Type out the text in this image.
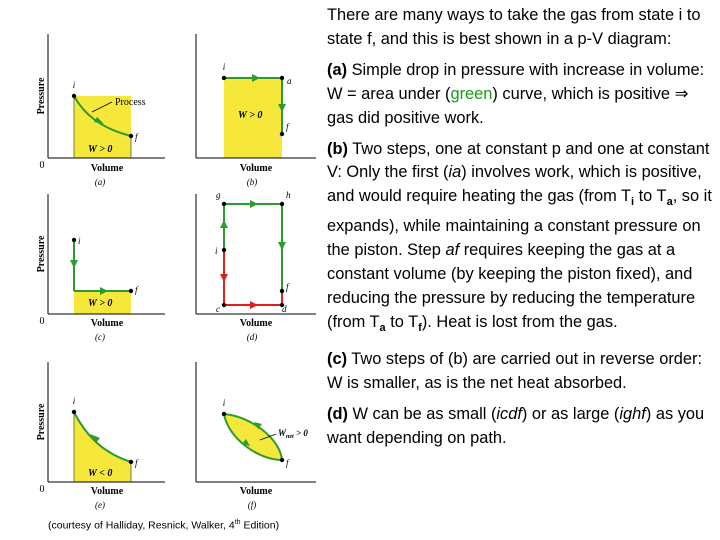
Process
i
f
W > 0
Pressure
Volume
0
(a)
i
a
f
W > 0
Volume
(b)
i
f
W > 0
Pressure
Volume
0
(c)
g	h
i
f
c	d
Volume
(d)
i
f
W < 0
Pressure
Volume
0
(e)
i
f
$W_{net} > 0$
Volume
(f)
(courtesy of Halliday, Resnick, Walker, 4th Edition)

There are many ways to take the gas from state i to state f, and this is best shown in a p-V diagram:

(a) Simple drop in pressure with increase in volume: W = area under (green) curve, which is positive ⇒ gas did positive work.

(b) Two steps, one at constant p and one at constant V: Only the first (ia) involves work, which is positive, and would require heating the gas (from $T_i$ to $T_a$, so it expands), while maintaining a constant pressure on the piston. Step af requires keeping the gas at a constant volume (by keeping the piston fixed), and reducing the pressure by reducing the temperature (from $T_a$ to $T_f$). Heat is lost from the gas.

(c) Two steps of (b) are carried out in reverse order: W is smaller, as is the net heat absorbed.

(d) W can be as small (icdf) or as large (ighf) as you want depending on path.
